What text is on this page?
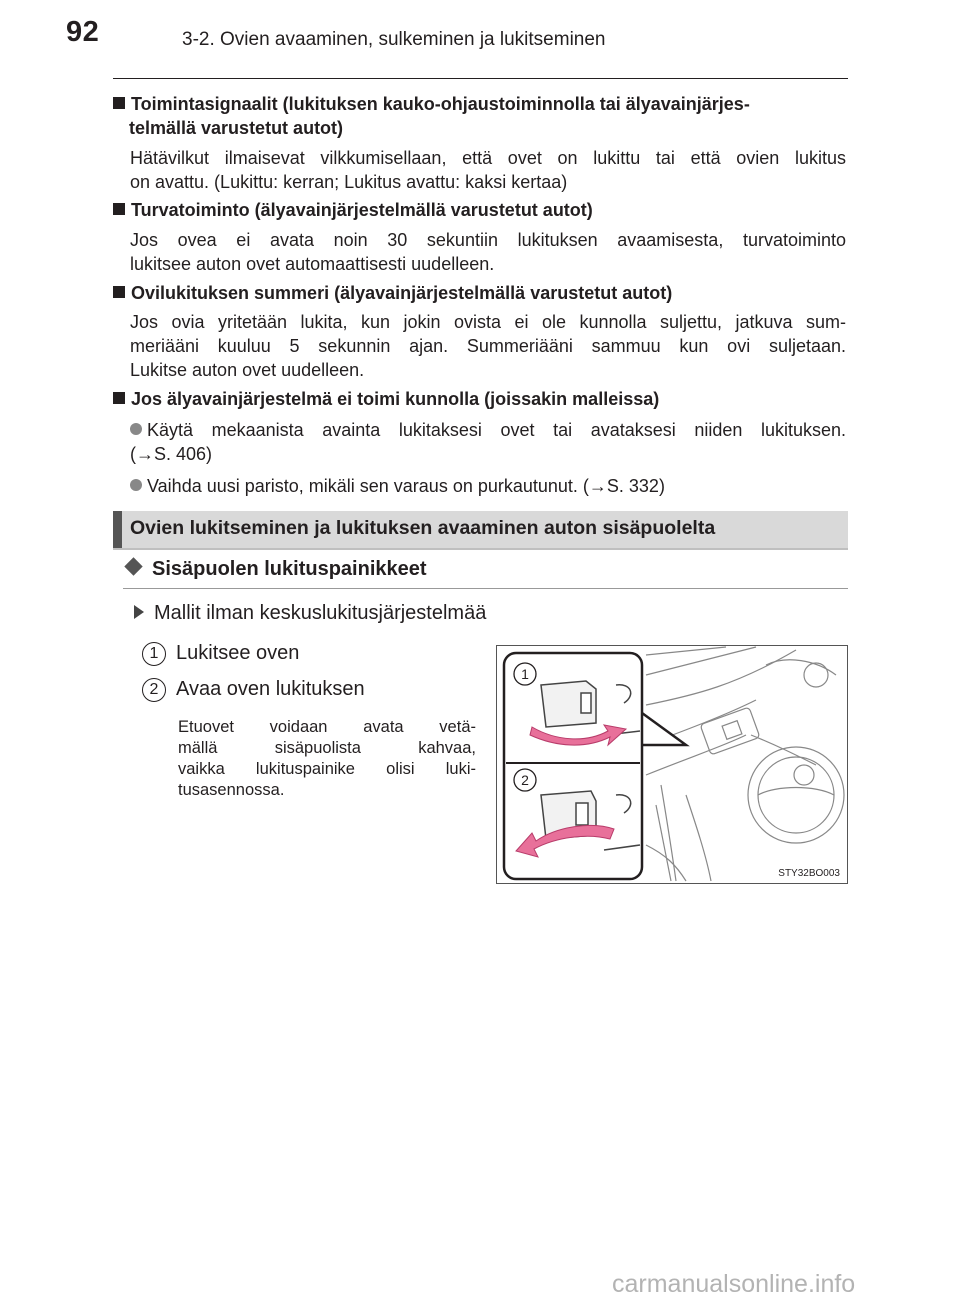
92	3-2. Ovien avaaminen, sulkeminen ja lukitseminen
Toimintasignaalit (lukituksen kauko-ohjaustoiminnolla tai älyavainjärjes-
telmällä varustetut autot)
Hätävilkut ilmaisevat vilkkumisellaan, että ovet on lukittu tai että ovien lukitus
on avattu. (Lukittu: kerran; Lukitus avattu: kaksi kertaa)
Turvatoiminto (älyavainjärjestelmällä varustetut autot)
Jos ovea ei avata noin 30 sekuntiin lukituksen avaamisesta, turvatoiminto
lukitsee auton ovet automaattisesti uudelleen.
Ovilukituksen summeri (älyavainjärjestelmällä varustetut autot)
Jos ovia yritetään lukita, kun jokin ovista ei ole kunnolla suljettu, jatkuva sum-
meriääni kuuluu 5 sekunnin ajan. Summeriääni sammuu kun ovi suljetaan.
Lukitse auton ovet uudelleen.
Jos älyavainjärjestelmä ei toimi kunnolla (joissakin malleissa)
Käytä mekaanista avainta lukitaksesi ovet tai avataksesi niiden lukituksen.
(→S. 406)
Vaihda uusi paristo, mikäli sen varaus on purkautunut. (→S. 332)
Ovien lukitseminen ja lukituksen avaaminen auton sisäpuolelta
Sisäpuolen lukituspainikkeet
Mallit ilman keskuslukitusjärjestelmää
1 Lukitsee oven
2 Avaa oven lukituksen
Etuovet voidaan avata vetä-
mällä sisäpuolista kahvaa,
vaikka lukituspainike olisi luki-
tusasennossa.
1
2
STY32BO003
carmanualsonline.info
